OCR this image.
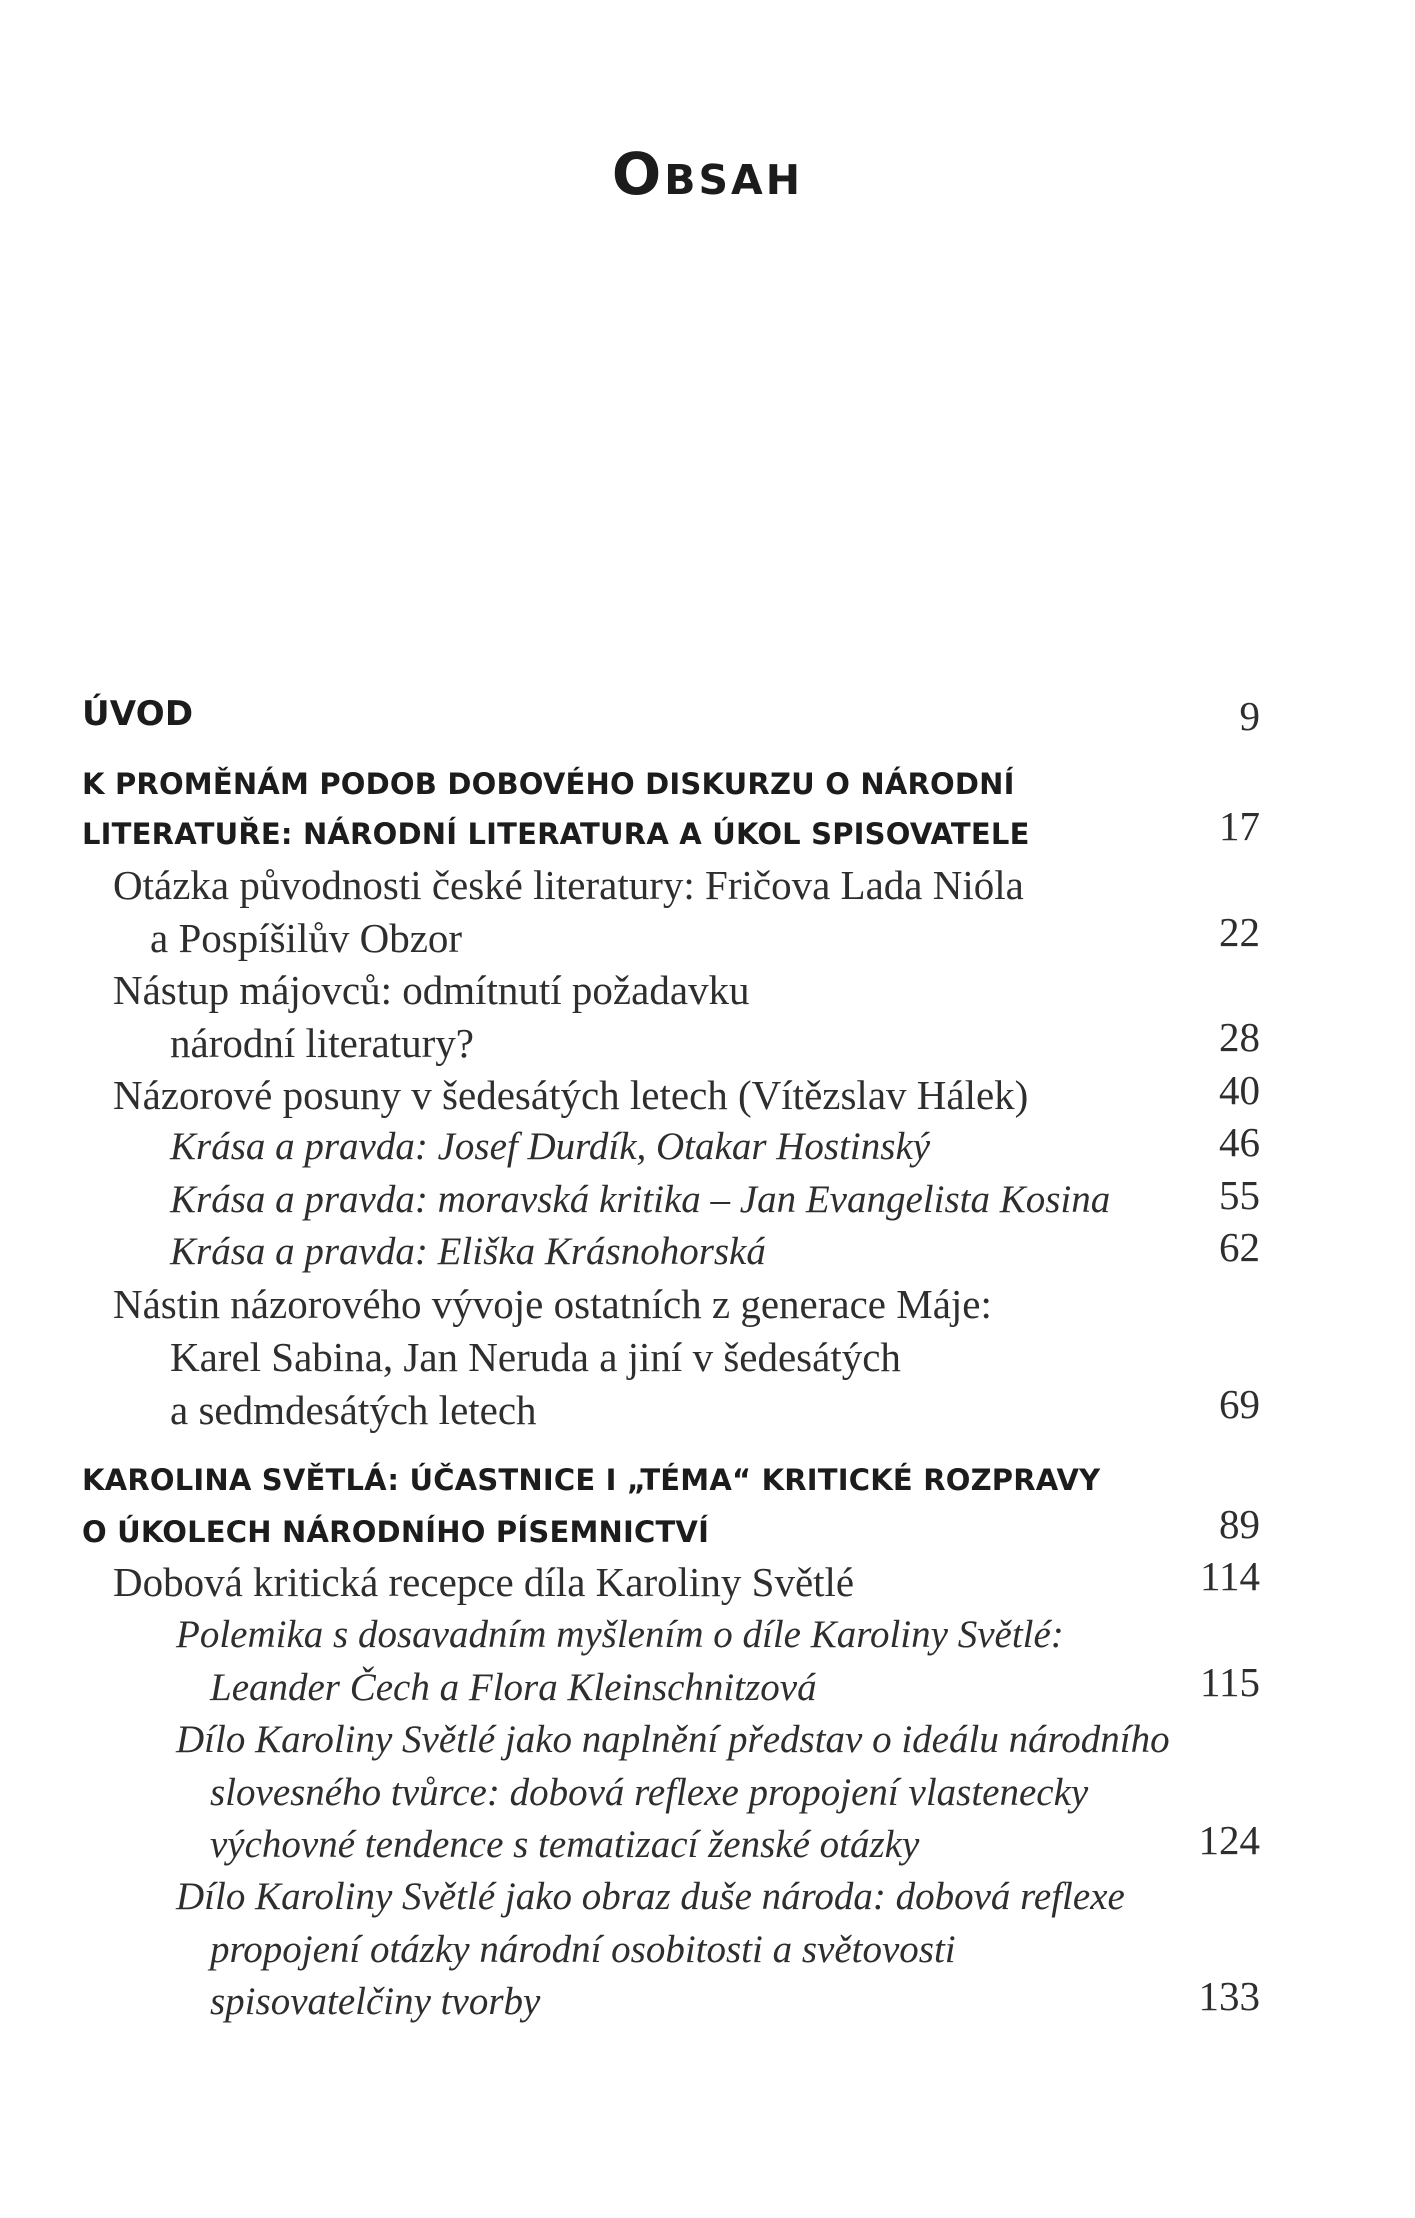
Obsah
ÚVOD	9
K PROMĚNÁM PODOB DOBOVÉHO DISKURZU O NÁRODNÍ
LITERATUŘE: NÁRODNÍ LITERATURA A ÚKOL SPISOVATELE	17
Otázka původnosti české literatury: Fričova Lada Nióla
a Pospíšilův Obzor	22
Nástup májovců: odmítnutí požadavku
národní literatury?	28
Názorové posuny v šedesátých letech (Vítězslav Hálek)	40
Krása a pravda: Josef Durdík, Otakar Hostinský	46
Krása a pravda: moravská kritika – Jan Evangelista Kosina	55
Krása a pravda: Eliška Krásnohorská	62
Nástin názorového vývoje ostatních z generace Máje:
Karel Sabina, Jan Neruda a jiní v šedesátých
a sedmdesátých letech	69
KAROLINA SVĚTLÁ: ÚČASTNICE I „TÉMA“ KRITICKÉ ROZPRAVY
O ÚKOLECH NÁRODNÍHO PÍSEMNICTVÍ	89
Dobová kritická recepce díla Karoliny Světlé	114
Polemika s dosavadním myšlením o díle Karoliny Světlé:
Leander Čech a Flora Kleinschnitzová	115
Dílo Karoliny Světlé jako naplnění představ o ideálu národního
slovesného tvůrce: dobová reflexe propojení vlastenecky
výchovné tendence s tematizací ženské otázky	124
Dílo Karoliny Světlé jako obraz duše národa: dobová reflexe
propojení otázky národní osobitosti a světovosti
spisovatelčiny tvorby	133
